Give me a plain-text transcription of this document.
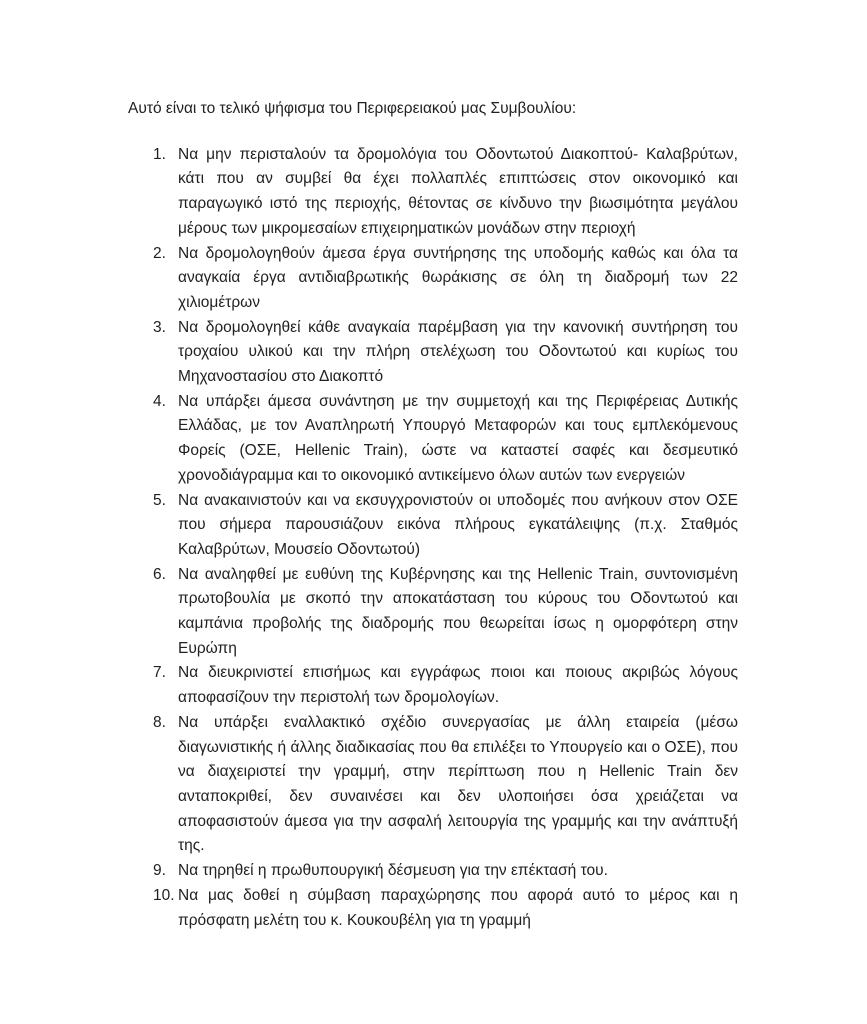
Αυτό είναι το τελικό ψήφισμα του Περιφερειακού μας Συμβουλίου:

1. Να μην περισταλούν τα δρομολόγια του Οδοντωτού Διακοπτού- Καλαβρύτων, κάτι που αν συμβεί θα έχει πολλαπλές επιπτώσεις στον οικονομικό και παραγωγικό ιστό της περιοχής, θέτοντας σε κίνδυνο την βιωσιμότητα μεγάλου μέρους των μικρομεσαίων επιχειρηματικών μονάδων στην περιοχή
2. Να δρομολογηθούν άμεσα έργα συντήρησης της υποδομής καθώς και όλα τα αναγκαία έργα αντιδιαβρωτικής θωράκισης σε όλη τη διαδρομή των 22 χιλιομέτρων
3. Να δρομολογηθεί κάθε αναγκαία παρέμβαση για την κανονική συντήρηση του τροχαίου υλικού και την πλήρη στελέχωση του Οδοντωτού και κυρίως του Μηχανοστασίου στο Διακοπτό
4. Να υπάρξει άμεσα συνάντηση με την συμμετοχή και της Περιφέρειας Δυτικής Ελλάδας, με τον Αναπληρωτή Υπουργό Μεταφορών και τους εμπλεκόμενους Φορείς (ΟΣΕ, Hellenic Train), ώστε να καταστεί σαφές και δεσμευτικό χρονοδιάγραμμα και το οικονομικό αντικείμενο όλων αυτών των ενεργειών
5. Να ανακαινιστούν και να εκσυγχρονιστούν οι υποδομές που ανήκουν στον ΟΣΕ που σήμερα παρουσιάζουν εικόνα πλήρους εγκατάλειψης (π.χ. Σταθμός Καλαβρύτων, Μουσείο Οδοντωτού)
6. Να αναληφθεί με ευθύνη της Κυβέρνησης και της Hellenic Train, συντονισμένη πρωτοβουλία με σκοπό την αποκατάσταση του κύρους του Οδοντωτού και καμπάνια προβολής της διαδρομής που θεωρείται ίσως η ομορφότερη στην Ευρώπη
7. Να διευκρινιστεί επισήμως και εγγράφως ποιοι και ποιους ακριβώς λόγους αποφασίζουν την περιστολή των δρομολογίων.
8. Να υπάρξει εναλλακτικό σχέδιο συνεργασίας με άλλη εταιρεία (μέσω διαγωνιστικής ή άλλης διαδικασίας που θα επιλέξει το Υπουργείο και ο ΟΣΕ), που να διαχειριστεί την γραμμή, στην περίπτωση που η Hellenic Train δεν ανταποκριθεί, δεν συναινέσει και δεν υλοποιήσει όσα χρειάζεται να αποφασιστούν άμεσα για την ασφαλή λειτουργία της γραμμής και την ανάπτυξή της.
9. Να τηρηθεί η πρωθυπουργική δέσμευση για την επέκτασή του.
10. Να μας δοθεί η σύμβαση παραχώρησης που αφορά αυτό το μέρος και η πρόσφατη μελέτη του κ. Κουκουβέλη για τη γραμμή
